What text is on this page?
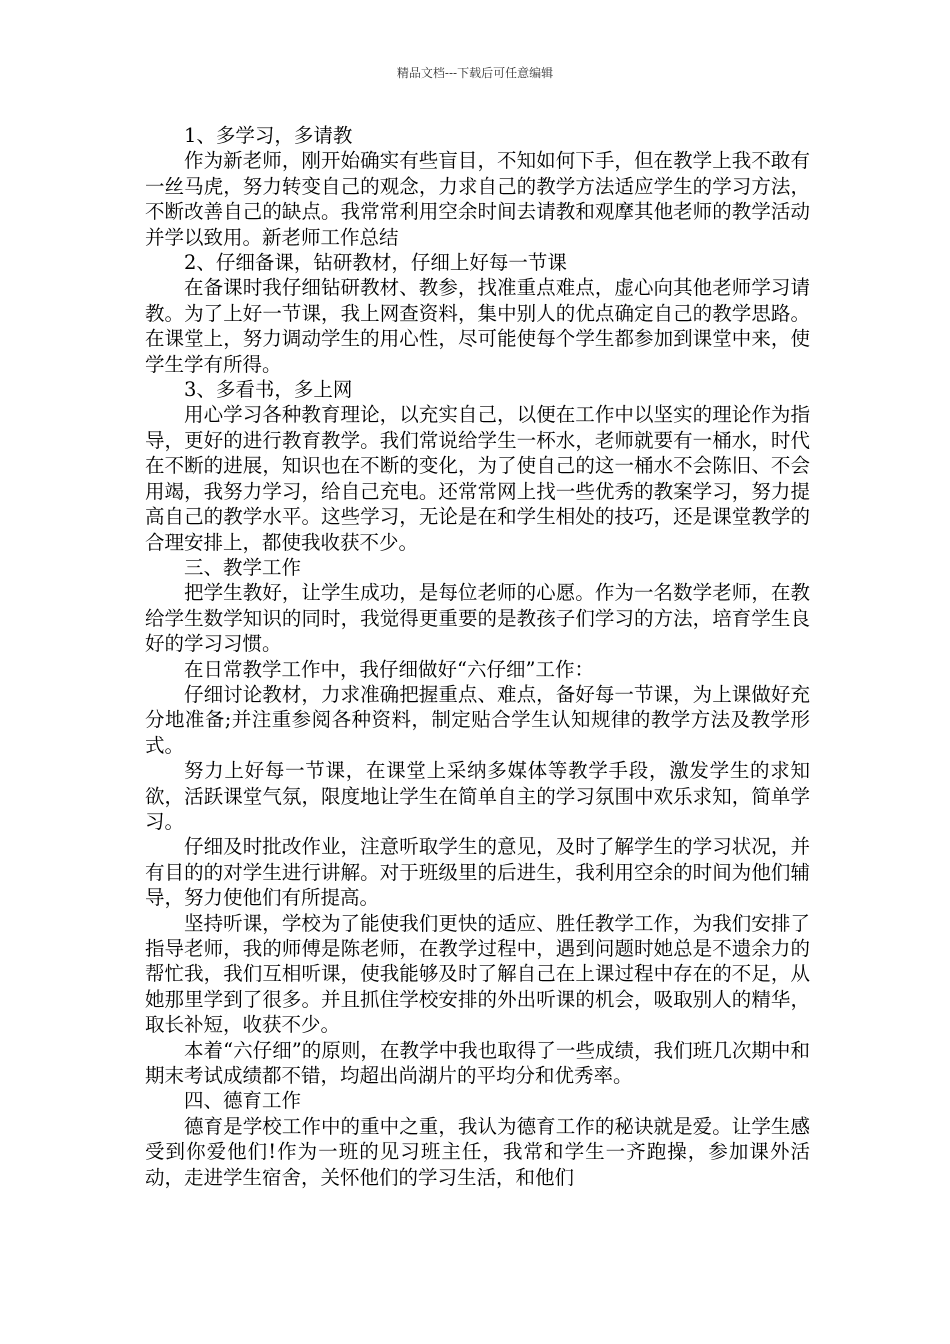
精品文档---下载后可任意编辑

1、多学习，多请教

作为新老师，刚开始确实有些盲目，不知如何下手，但在教学上我不敢有一丝马虎，努力转变自己的观念，力求自己的教学方法适应学生的学习方法，不断改善自己的缺点。我常常利用空余时间去请教和观摩其他老师的教学活动并学以致用。新老师工作总结

2、仔细备课，钻研教材，仔细上好每一节课

在备课时我仔细钻研教材、教参，找准重点难点，虚心向其他老师学习请教。为了上好一节课，我上网查资料，集中别人的优点确定自己的教学思路。在课堂上，努力调动学生的用心性，尽可能使每个学生都参加到课堂中来，使学生学有所得。

3、多看书，多上网

用心学习各种教育理论，以充实自己，以便在工作中以坚实的理论作为指导，更好的进行教育教学。我们常说给学生一杯水，老师就要有一桶水，时代在不断的进展，知识也在不断的变化，为了使自己的这一桶水不会陈旧、不会用竭，我努力学习，给自己充电。还常常网上找一些优秀的教案学习，努力提高自己的教学水平。这些学习，无论是在和学生相处的技巧，还是课堂教学的合理安排上，都使我收获不少。

三、教学工作

把学生教好，让学生成功，是每位老师的心愿。作为一名数学老师，在教给学生数学知识的同时，我觉得更重要的是教孩子们学习的方法，培育学生良好的学习习惯。

在日常教学工作中，我仔细做好“六仔细”工作：

仔细讨论教材，力求准确把握重点、难点，备好每一节课，为上课做好充分地准备;并注重参阅各种资料，制定贴合学生认知规律的教学方法及教学形式。

努力上好每一节课，在课堂上采纳多媒体等教学手段，激发学生的求知欲，活跃课堂气氛，限度地让学生在简单自主的学习氛围中欢乐求知，简单学习。

仔细及时批改作业，注意听取学生的意见，及时了解学生的学习状况，并有目的的对学生进行讲解。对于班级里的后进生，我利用空余的时间为他们辅导，努力使他们有所提高。

坚持听课，学校为了能使我们更快的适应、胜任教学工作，为我们安排了指导老师，我的师傅是陈老师，在教学过程中，遇到问题时她总是不遗余力的帮忙我，我们互相听课，使我能够及时了解自己在上课过程中存在的不足，从她那里学到了很多。并且抓住学校安排的外出听课的机会，吸取别人的精华，取长补短，收获不少。

本着“六仔细”的原则，在教学中我也取得了一些成绩，我们班几次期中和期末考试成绩都不错，均超出尚湖片的平均分和优秀率。

四、德育工作

德育是学校工作中的重中之重，我认为德育工作的秘诀就是爱。让学生感受到你爱他们!作为一班的见习班主任，我常和学生一齐跑操，参加课外活动，走进学生宿舍，关怀他们的学习生活，和他们
